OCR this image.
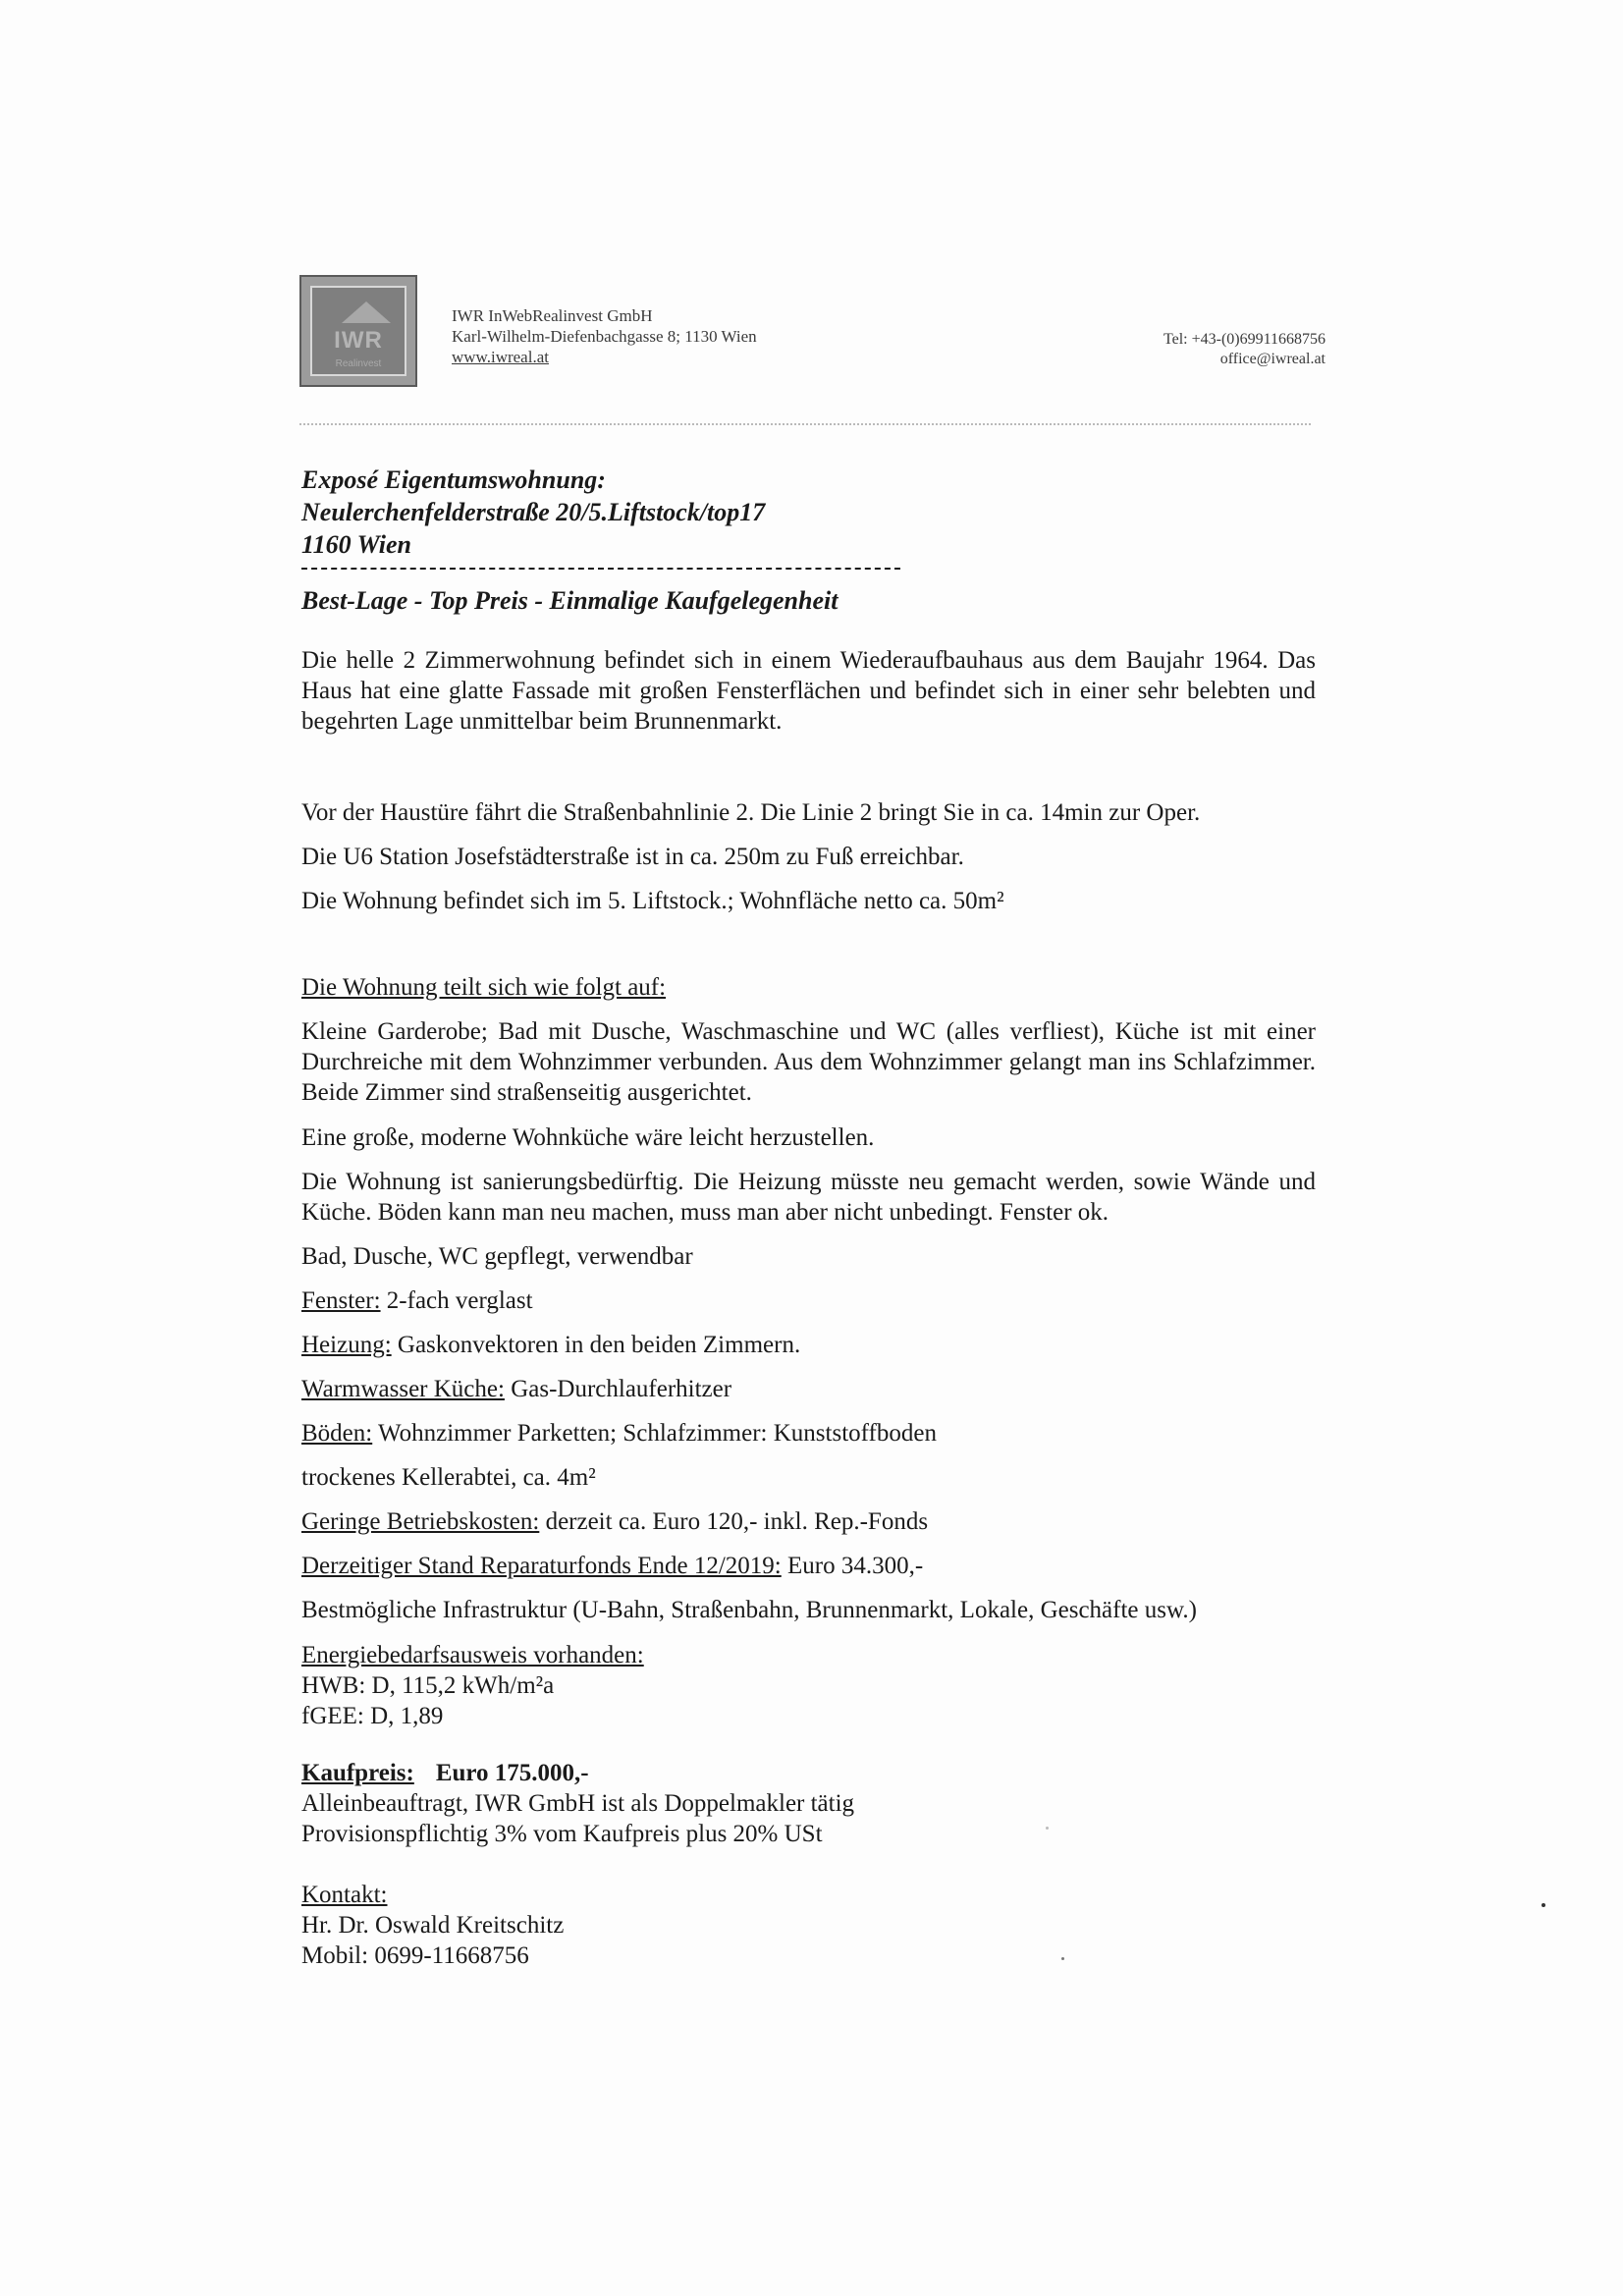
IWR
Realinvest
IWR InWebRealinvest GmbH
Karl-Wilhelm-Diefenbachgasse 8; 1130 Wien
www.iwreal.at
Tel: +43-(0)69911668756
office@iwreal.at
Exposé Eigentumswohnung:
Neulerchenfelderstraße 20/5.Liftstock/top17
1160 Wien
Best-Lage - Top Preis - Einmalige Kaufgelegenheit
Die helle 2 Zimmerwohnung befindet sich in einem Wiederaufbauhaus aus dem Baujahr 1964. Das Haus hat eine glatte Fassade mit großen Fensterflächen und befindet sich in einer sehr belebten und begehrten Lage unmittelbar beim Brunnenmarkt.
Vor der Haustüre fährt die Straßenbahnlinie 2. Die Linie 2 bringt Sie in ca. 14min zur Oper.
Die U6 Station Josefstädterstraße ist in ca. 250m zu Fuß erreichbar.
Die Wohnung befindet sich im 5. Liftstock.; Wohnfläche netto ca. 50m²
Die Wohnung teilt sich wie folgt auf:
Kleine Garderobe; Bad mit Dusche, Waschmaschine und WC (alles verfliest), Küche ist mit einer Durchreiche mit dem Wohnzimmer verbunden. Aus dem Wohnzimmer gelangt man ins Schlafzimmer. Beide Zimmer sind straßenseitig ausgerichtet.
Eine große, moderne Wohnküche wäre leicht herzustellen.
Die Wohnung ist sanierungsbedürftig. Die Heizung müsste neu gemacht werden, sowie Wände und Küche. Böden kann man neu machen, muss man aber nicht unbedingt. Fenster ok.
Bad, Dusche, WC gepflegt, verwendbar
Fenster: 2-fach verglast
Heizung: Gaskonvektoren in den beiden Zimmern.
Warmwasser Küche: Gas-Durchlauferhitzer
Böden: Wohnzimmer Parketten; Schlafzimmer: Kunststoffboden
trockenes Kellerabtei, ca. 4m²
Geringe Betriebskosten: derzeit ca. Euro 120,- inkl. Rep.-Fonds
Derzeitiger Stand Reparaturfonds Ende 12/2019: Euro 34.300,-
Bestmögliche Infrastruktur (U-Bahn, Straßenbahn, Brunnenmarkt, Lokale, Geschäfte usw.)
Energiebedarfsausweis vorhanden:
HWB: D, 115,2 kWh/m²a
fGEE: D, 1,89
Kaufpreis: Euro 175.000,-
Alleinbeauftragt, IWR GmbH ist als Doppelmakler tätig
Provisionspflichtig 3% vom Kaufpreis plus 20% USt
Kontakt:
Hr. Dr. Oswald Kreitschitz
Mobil: 0699-11668756
